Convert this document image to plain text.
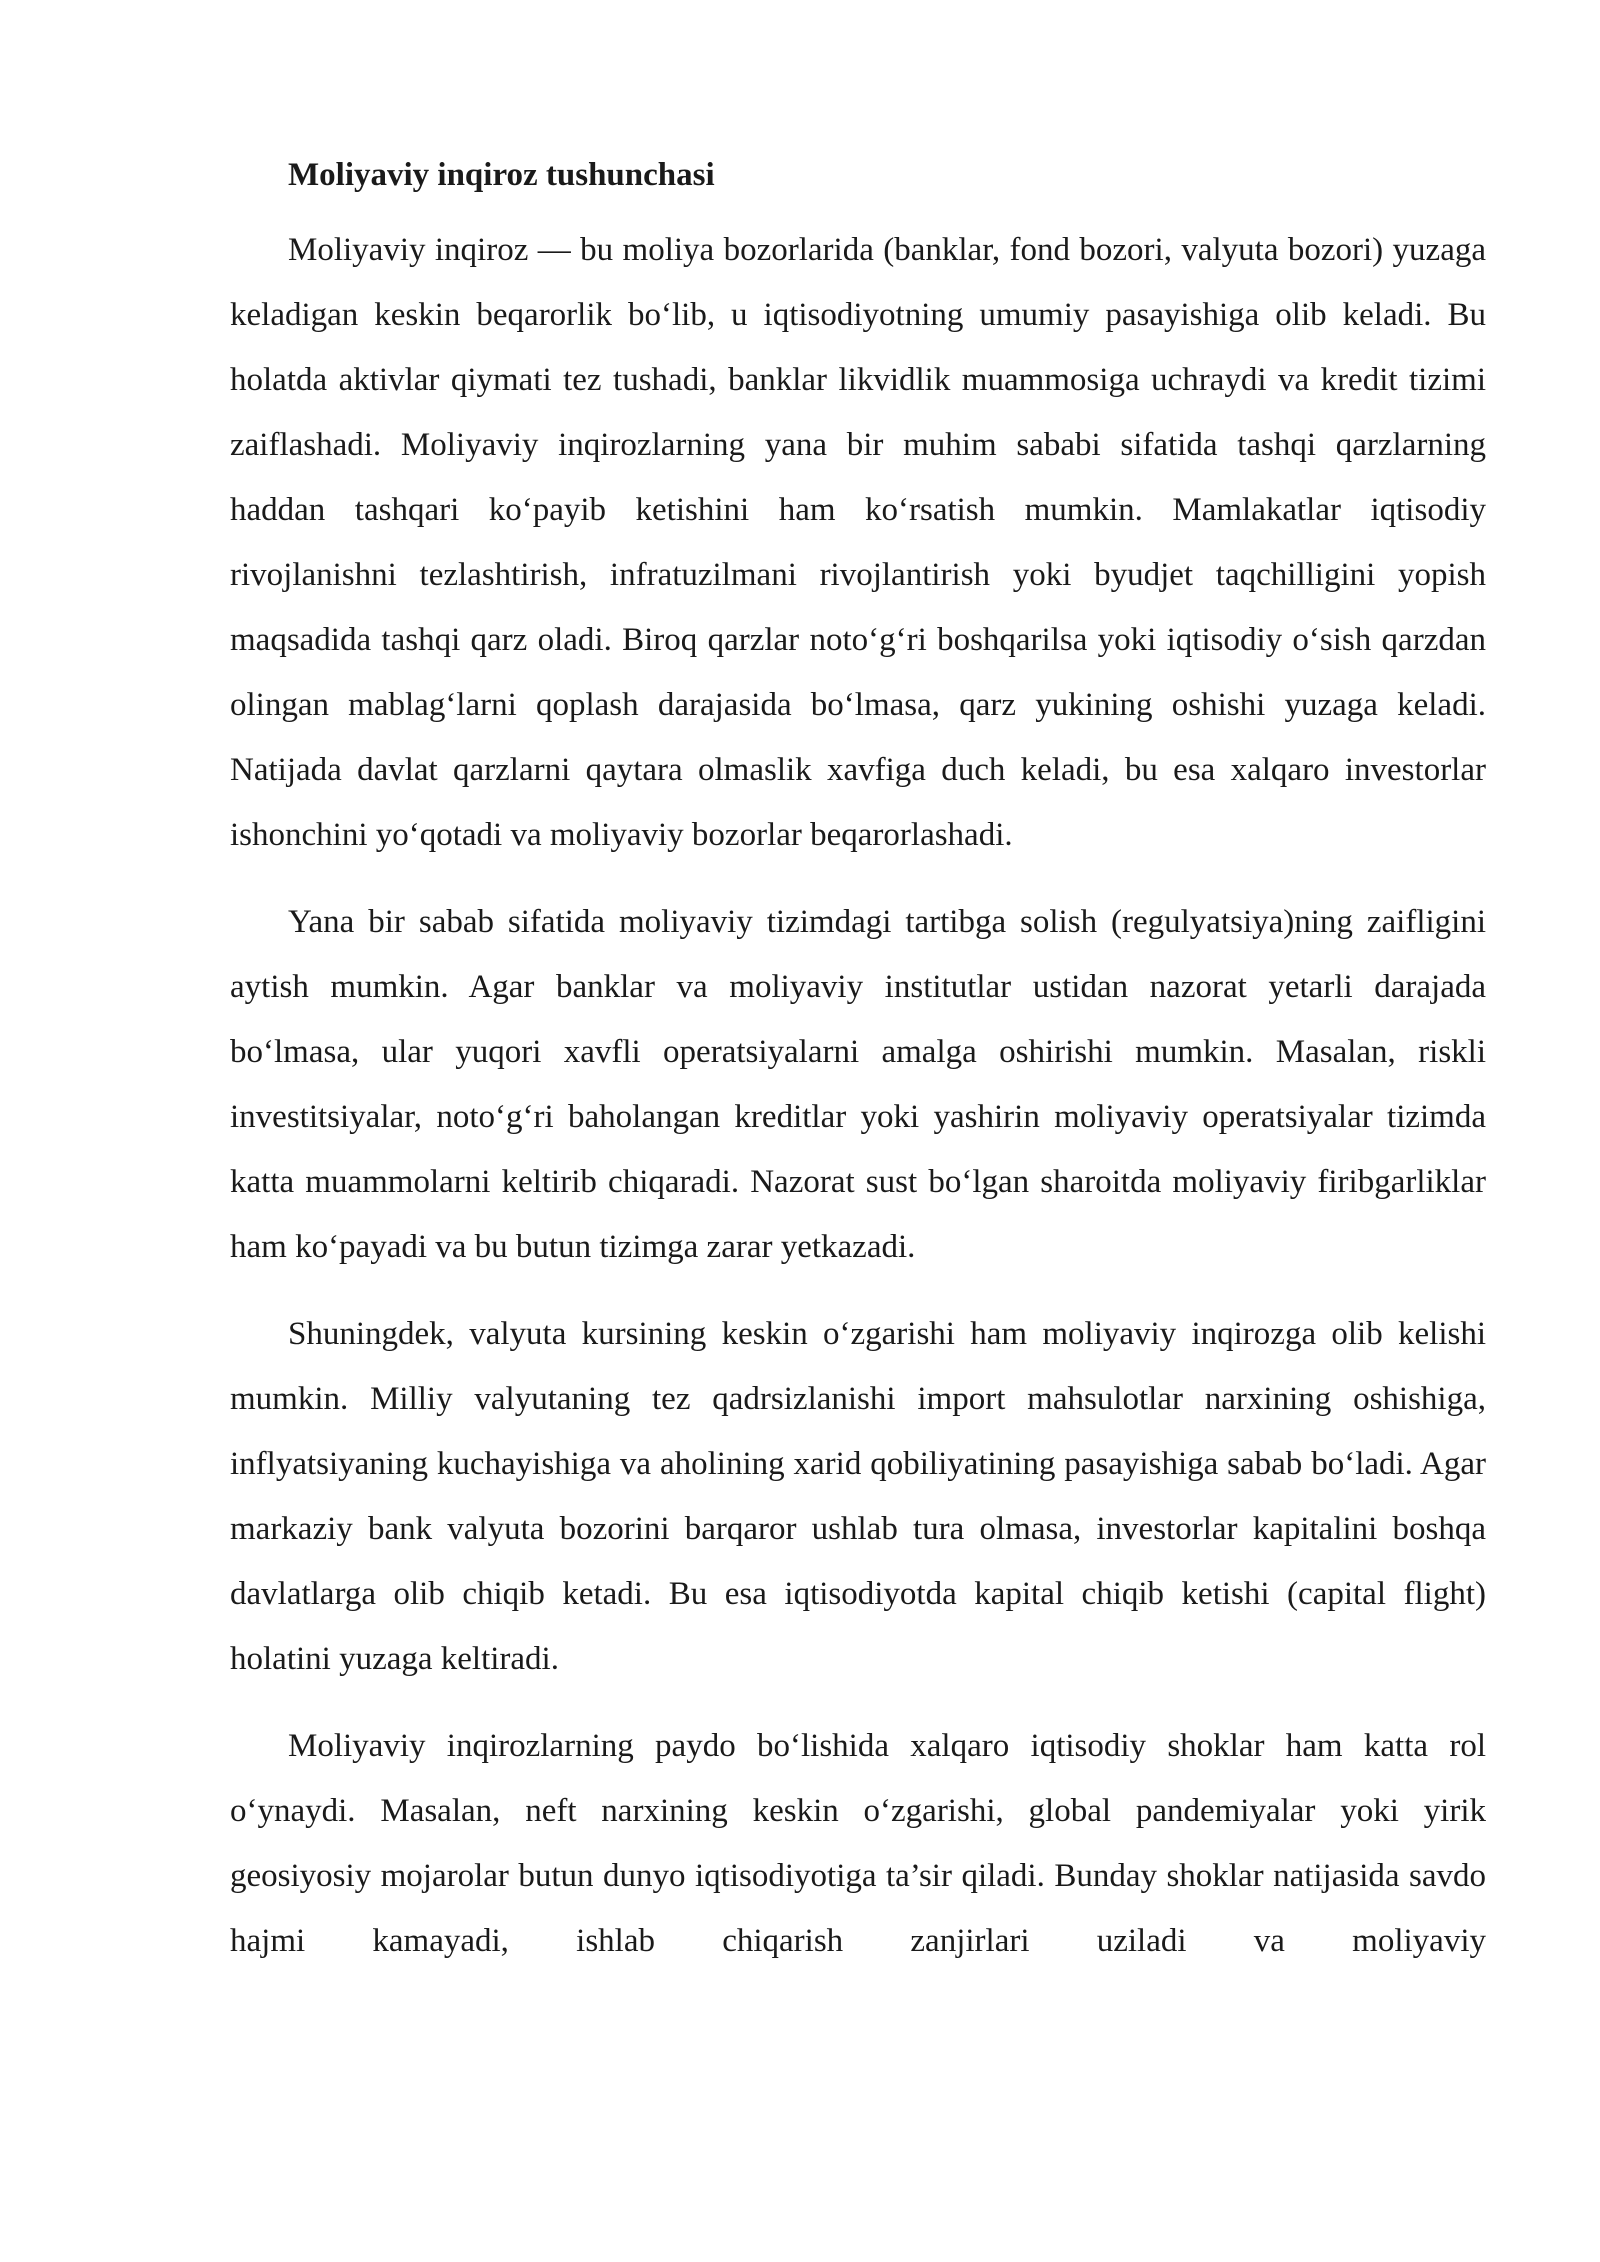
Moliyaviy inqiroz tushunchasi

Moliyaviy inqiroz — bu moliya bozorlarida (banklar, fond bozori, valyuta bozori) yuzaga keladigan keskin beqarorlik bo‘lib, u iqtisodiyotning umumiy pasayishiga olib keladi. Bu holatda aktivlar qiymati tez tushadi, banklar likvidlik muammosiga uchraydi va kredit tizimi zaiflashadi. Moliyaviy inqirozlarning yana bir muhim sababi sifatida tashqi qarzlarning haddan tashqari ko‘payib ketishini ham ko‘rsatish mumkin. Mamlakatlar iqtisodiy rivojlanishni tezlashtirish, infratuzilmani rivojlantirish yoki byudjet taqchilligini yopish maqsadida tashqi qarz oladi. Biroq qarzlar noto‘g‘ri boshqarilsa yoki iqtisodiy o‘sish qarzdan olingan mablag‘larni qoplash darajasida bo‘lmasa, qarz yukining oshishi yuzaga keladi. Natijada davlat qarzlarni qaytara olmaslik xavfiga duch keladi, bu esa xalqaro investorlar ishonchini yo‘qotadi va moliyaviy bozorlar beqarorlashadi.

Yana bir sabab sifatida moliyaviy tizimdagi tartibga solish (regulyatsiya)ning zaifligini aytish mumkin. Agar banklar va moliyaviy institutlar ustidan nazorat yetarli darajada bo‘lmasa, ular yuqori xavfli operatsiyalarni amalga oshirishi mumkin. Masalan, riskli investitsiyalar, noto‘g‘ri baholangan kreditlar yoki yashirin moliyaviy operatsiyalar tizimda katta muammolarni keltirib chiqaradi. Nazorat sust bo‘lgan sharoitda moliyaviy firibgarliklar ham ko‘payadi va bu butun tizimga zarar yetkazadi.

Shuningdek, valyuta kursining keskin o‘zgarishi ham moliyaviy inqirozga olib kelishi mumkin. Milliy valyutaning tez qadrsizlanishi import mahsulotlar narxining oshishiga, inflyatsiyaning kuchayishiga va aholining xarid qobiliyatining pasayishiga sabab bo‘ladi. Agar markaziy bank valyuta bozorini barqaror ushlab tura olmasa, investorlar kapitalini boshqa davlatlarga olib chiqib ketadi. Bu esa iqtisodiyotda kapital chiqib ketishi (capital flight) holatini yuzaga keltiradi.

Moliyaviy inqirozlarning paydo bo‘lishida xalqaro iqtisodiy shoklar ham katta rol o‘ynaydi. Masalan, neft narxining keskin o‘zgarishi, global pandemiyalar yoki yirik geosiyosiy mojarolar butun dunyo iqtisodiyotiga ta’sir qiladi. Bunday shoklar natijasida savdo hajmi kamayadi, ishlab chiqarish zanjirlari uziladi va moliyaviy
